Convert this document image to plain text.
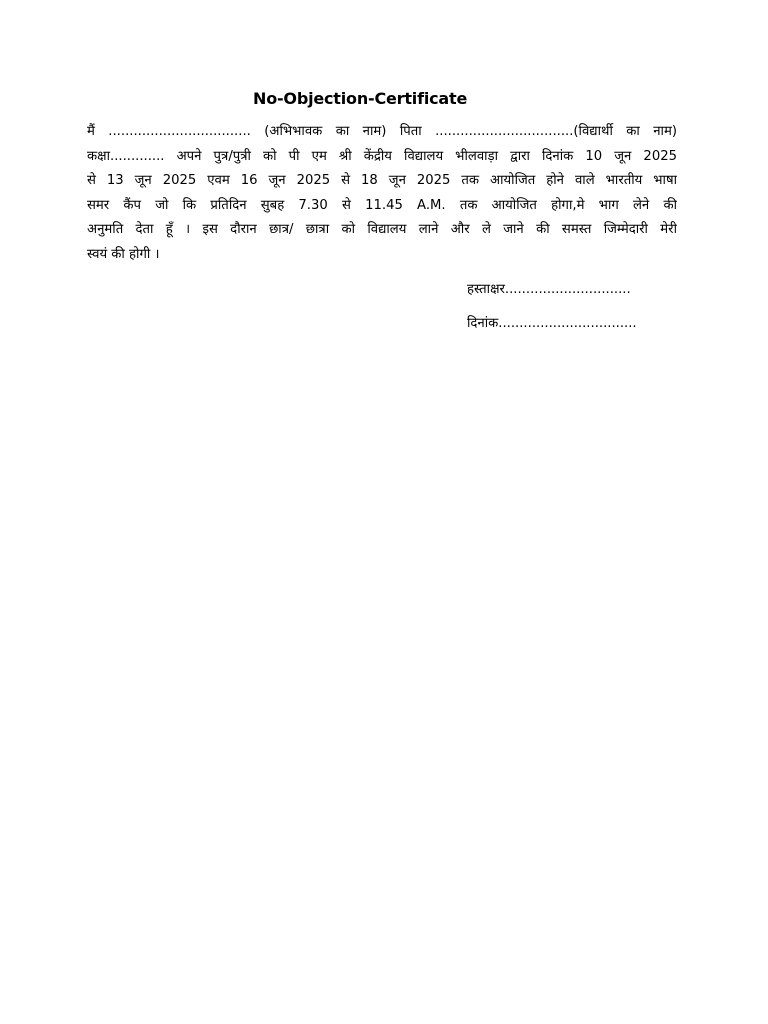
No-Objection-Certificate
मैं .................................. (अभिभावक का नाम) पिता .................................(विद्यार्थी का नाम)
कक्षा............. अपने पुत्र/पुत्री को पी एम श्री केंद्रीय विद्यालय भीलवाड़ा द्वारा दिनांक 10 जून 2025
से 13 जून 2025 एवम 16 जून 2025 से 18 जून 2025 तक आयोजित होने वाले भारतीय भाषा
समर कैंप जो कि प्रतिदिन सुबह 7.30 से 11.45 A.M. तक आयोजित होगा,मे भाग लेने की
अनुमति देता हूँ । इस दौरान छात्र/ छात्रा को विद्यालय लाने और ले जाने की समस्त जिम्मेदारी मेरी
स्वयं की होगी ।
हस्ताक्षर..............................
दिनांक.................................
